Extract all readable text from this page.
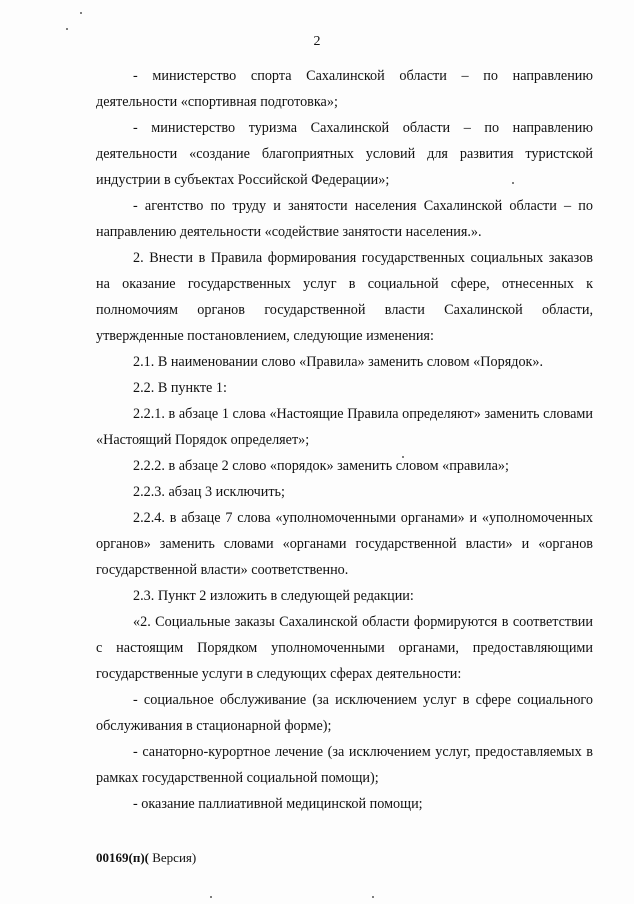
2

- министерство спорта Сахалинской области – по направлению деятельности «спортивная подготовка»;

- министерство туризма Сахалинской области – по направлению деятельности «создание благоприятных условий для развития туристской индустрии в субъектах Российской Федерации»;

- агентство по труду и занятости населения Сахалинской области – по направлению деятельности «содействие занятости населения.».

2. Внести в Правила формирования государственных социальных заказов на оказание государственных услуг в социальной сфере, отнесенных к полномочиям органов государственной власти Сахалинской области, утвержденные постановлением, следующие изменения:

2.1. В наименовании слово «Правила» заменить словом «Порядок».

2.2. В пункте 1:

2.2.1. в абзаце 1 слова «Настоящие Правила определяют» заменить словами «Настоящий Порядок определяет»;

2.2.2. в абзаце 2 слово «порядок» заменить словом «правила»;

2.2.3. абзац 3 исключить;

2.2.4. в абзаце 7 слова «уполномоченными органами» и «уполномоченных органов» заменить словами «органами государственной власти» и «органов государственной власти» соответственно.

2.3. Пункт 2 изложить в следующей редакции:

«2. Социальные заказы Сахалинской области формируются в соответствии с настоящим Порядком уполномоченными органами, предоставляющими государственные услуги в следующих сферах деятельности:

- социальное обслуживание (за исключением услуг в сфере социального обслуживания в стационарной форме);

- санаторно-курортное лечение (за исключением услуг, предоставляемых в рамках государственной социальной помощи);

- оказание паллиативной медицинской помощи;

00169(п)( Версия)
